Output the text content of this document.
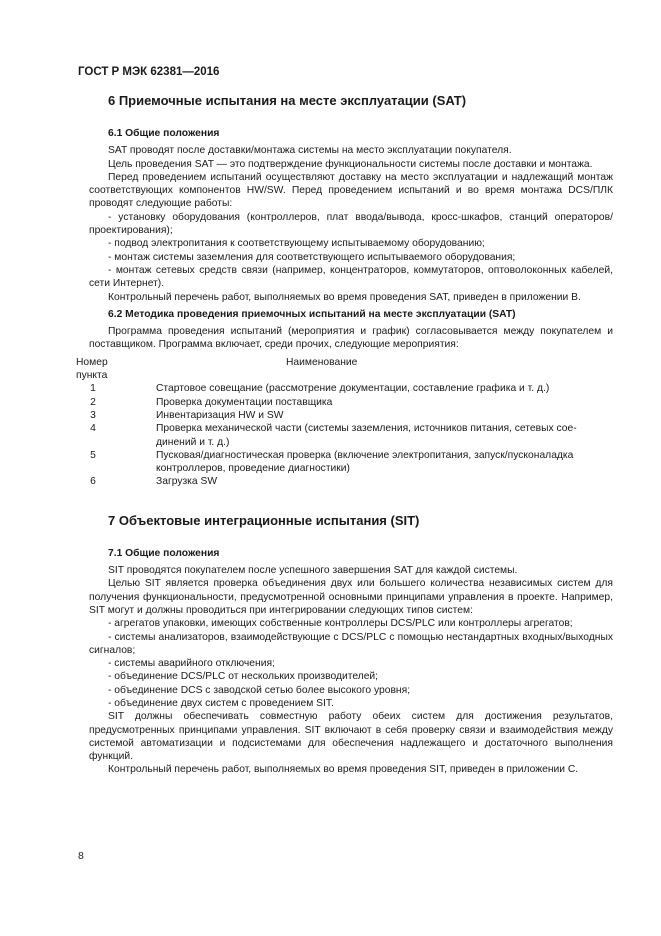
ГОСТ Р МЭК 62381—2016
6 Приемочные испытания на месте эксплуатации (SAT)
6.1 Общие положения

SAT проводят после доставки/монтажа системы на место эксплуатации покупателя.

Цель проведения SAT — это подтверждение функциональности системы после доставки и монтажа.

Перед проведением испытаний осуществляют доставку на место эксплуатации и надлежащий монтаж соответствующих компонентов HW/SW. Перед проведением испытаний и во время монтажа DCS/ПЛК проводят следующие работы:

- установку оборудования (контроллеров, плат ввода/вывода, кросс-шкафов, станций операторов/проектирования);

- подвод электропитания к соответствующему испытываемому оборудованию;

- монтаж системы заземления для соответствующего испытываемого оборудования;

- монтаж сетевых средств связи (например, концентраторов, коммутаторов, оптоволоконных кабелей, сети Интернет).

Контрольный перечень работ, выполняемых во время проведения SAT, приведен в приложении В.

6.2 Методика проведения приемочных испытаний на месте эксплуатации (SAT)

Программа проведения испытаний (мероприятия и график) согласовывается между покупателем и поставщиком. Программа включает, среди прочих, следующие мероприятия:

Номер
пункта
Наименование
1	Стартовое совещание (рассмотрение документации, составление графика и т. д.)
2	Проверка документации поставщика
3	Инвентаризация HW и SW
4	Проверка механической части (системы заземления, источников питания, сетевых соединений и т. д.)
5	Пусковая/диагностическая проверка (включение электропитания, запуск/пусконаладка контроллеров, проведение диагностики)
6	Загрузка SW
7 Объектовые интеграционные испытания (SIT)
7.1 Общие положения

SIT проводятся покупателем после успешного завершения SAT для каждой системы.

Целью SIT является проверка объединения двух или большего количества независимых систем для получения функциональности, предусмотренной основными принципами управления в проекте. Например, SIT могут и должны проводиться при интегрировании следующих типов систем:

- агрегатов упаковки, имеющих собственные контроллеры DCS/PLC или контроллеры агрегатов;

- системы анализаторов, взаимодействующие с DCS/PLC с помощью нестандартных входных/выходных сигналов;

- системы аварийного отключения;

- объединение DCS/PLC от нескольких производителей;

- объединение DCS с заводской сетью более высокого уровня;

- объединение двух систем с проведением SIT.

SIT должны обеспечивать совместную работу обеих систем для достижения результатов, предусмотренных принципами управления. SIT включают в себя проверку связи и взаимодействия между системой автоматизации и подсистемами для обеспечения надлежащего и достаточного выполнения функций.

Контрольный перечень работ, выполняемых во время проведения SIT, приведен в приложении С.

8
